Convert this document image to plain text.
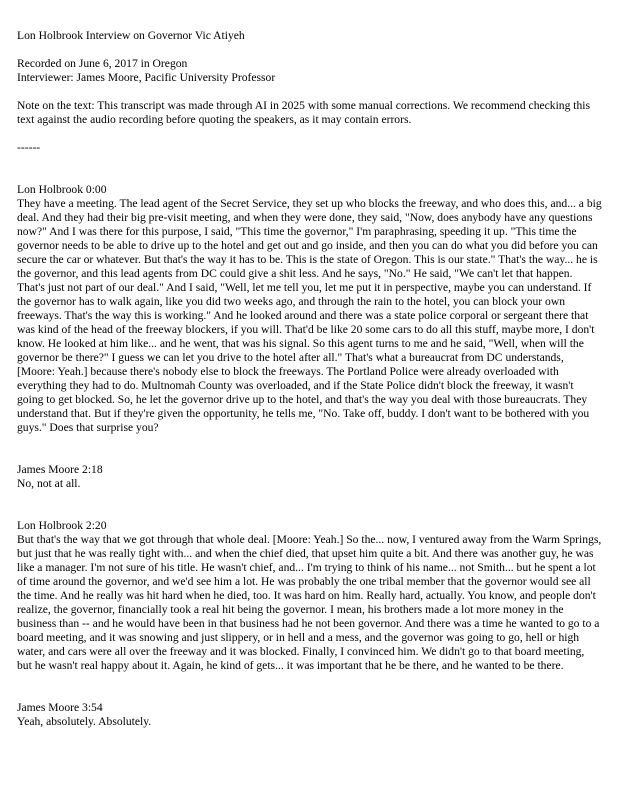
Lon Holbrook Interview on Governor Vic Atiyeh

Recorded on June 6, 2017 in Oregon

Interviewer: James Moore, Pacific University Professor

Note on the text: This transcript was made through AI in 2025 with some manual corrections. We recommend checking this text against the audio recording before quoting the speakers, as it may contain errors.

------

Lon Holbrook 0:00

They have a meeting. The lead agent of the Secret Service, they set up who blocks the freeway, and who does this, and... a big deal. And they had their big pre-visit meeting, and when they were done, they said, "Now, does anybody have any questions now?" And I was there for this purpose, I said, "This time the governor," I'm paraphrasing, speeding it up. "This time the governor needs to be able to drive up to the hotel and get out and go inside, and then you can do what you did before you can secure the car or whatever. But that's the way it has to be. This is the state of Oregon. This is our state." That's the way... he is the governor, and this lead agents from DC could give a shit less. And he says, "No." He said, "We can't let that happen. That's just not part of our deal." And I said, "Well, let me tell you, let me put it in perspective, maybe you can understand. If the governor has to walk again, like you did two weeks ago, and through the rain to the hotel, you can block your own freeways. That's the way this is working." And he looked around and there was a state police corporal or sergeant there that was kind of the head of the freeway blockers, if you will. That'd be like 20 some cars to do all this stuff, maybe more, I don't know. He looked at him like... and he went, that was his signal. So this agent turns to me and he said, "Well, when will the governor be there?" I guess we can let you drive to the hotel after all." That's what a bureaucrat from DC understands, [Moore: Yeah.] because there's nobody else to block the freeways. The Portland Police were already overloaded with everything they had to do. Multnomah County was overloaded, and if the State Police didn't block the freeway, it wasn't going to get blocked. So, he let the governor drive up to the hotel, and that's the way you deal with those bureaucrats. They understand that. But if they're given the opportunity, he tells me, "No. Take off, buddy. I don't want to be bothered with you guys." Does that surprise you?

James Moore 2:18

No, not at all.

Lon Holbrook 2:20

But that's the way that we got through that whole deal. [Moore: Yeah.] So the... now, I ventured away from the Warm Springs, but just that he was really tight with... and when the chief died, that upset him quite a bit. And there was another guy, he was like a manager. I'm not sure of his title. He wasn't chief, and... I'm trying to think of his name... not Smith... but he spent a lot of time around the governor, and we'd see him a lot. He was probably the one tribal member that the governor would see all the time. And he really was hit hard when he died, too. It was hard on him. Really hard, actually. You know, and people don't realize, the governor, financially took a real hit being the governor. I mean, his brothers made a lot more money in the business than -- and he would have been in that business had he not been governor. And there was a time he wanted to go to a board meeting, and it was snowing and just slippery, or in hell and a mess, and the governor was going to go, hell or high water, and cars were all over the freeway and it was blocked. Finally, I convinced him. We didn't go to that board meeting, but he wasn't real happy about it. Again, he kind of gets... it was important that he be there, and he wanted to be there.

James Moore 3:54

Yeah, absolutely. Absolutely.
